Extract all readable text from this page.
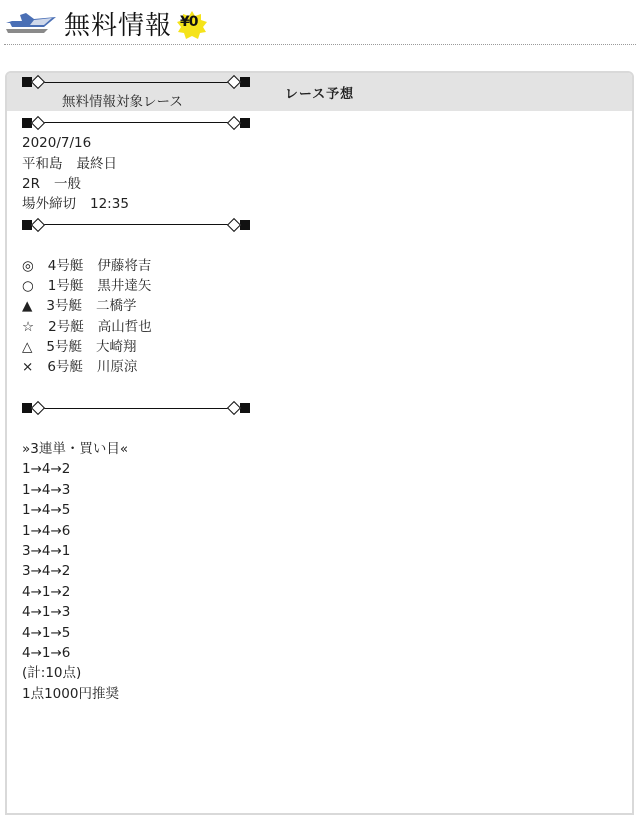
無料情報 ¥0
レース予想
無料情報対象レース
2020/7/16
平和島 最終日
2R 一般
場外締切 12:35
◎ 4号艇 伊藤将吉
○ 1号艇 黒井達矢
▲ 3号艇 二橋学
☆ 2号艇 高山哲也
△ 5号艇 大崎翔
× 6号艇 川原涼
»3連単・買い目«
1→4→2
1→4→3
1→4→5
1→4→6
3→4→1
3→4→2
4→1→2
4→1→3
4→1→5
4→1→6
(計:10点)
1点1000円推奨
